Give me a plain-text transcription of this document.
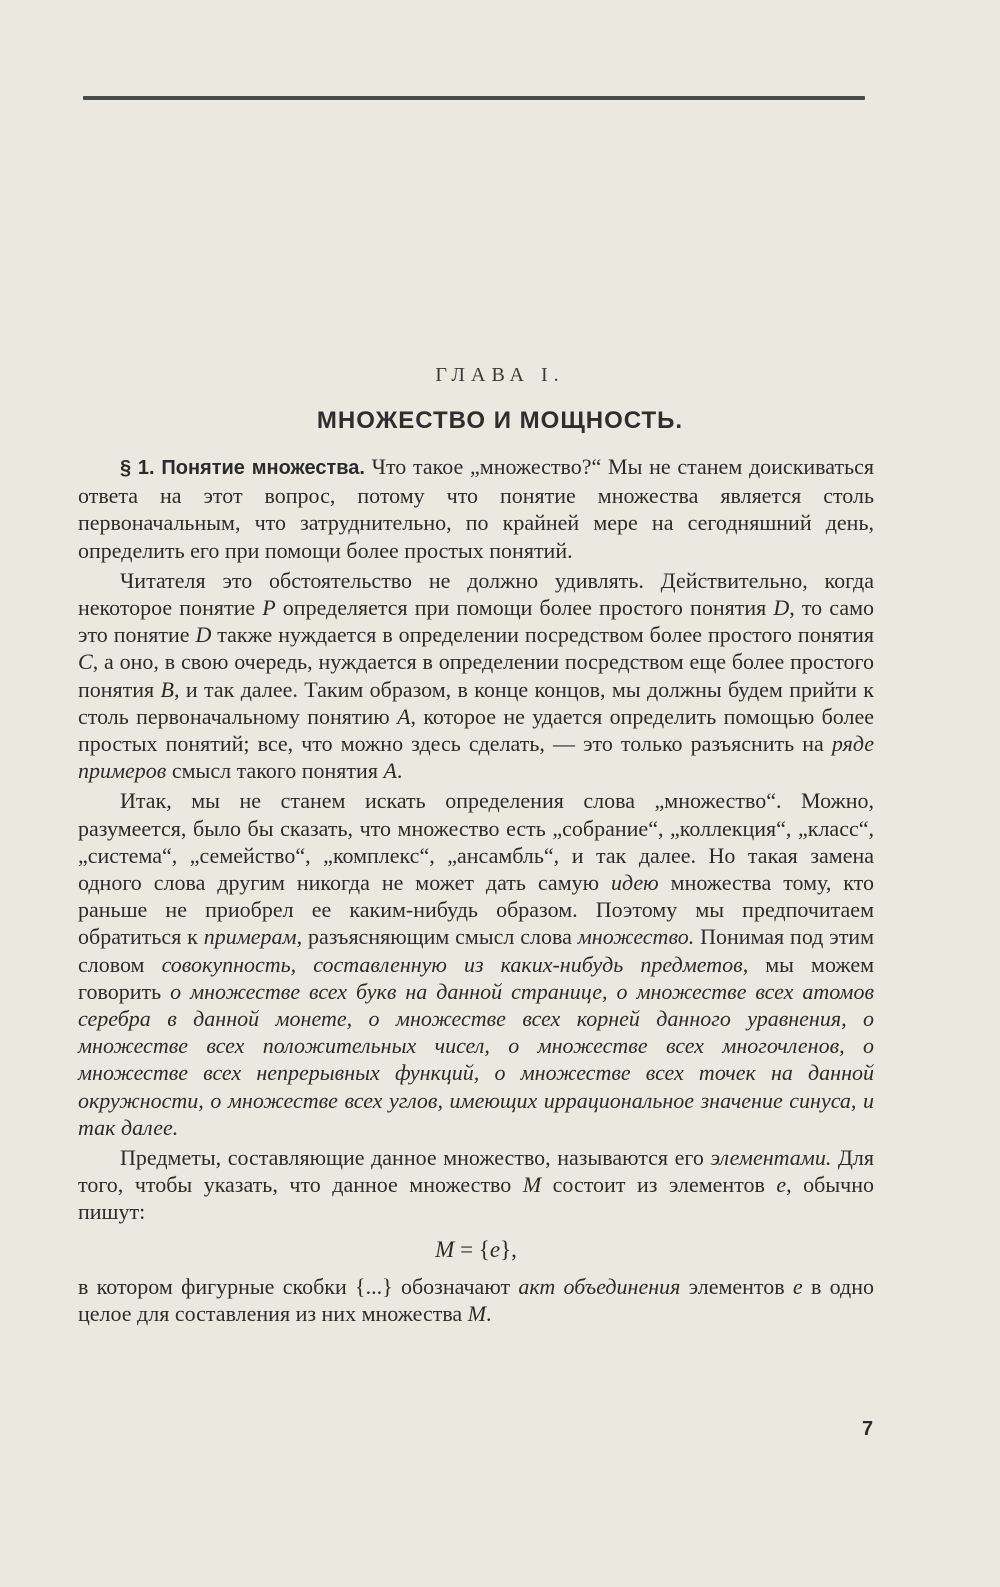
ГЛАВА I.
МНОЖЕСТВО И МОЩНОСТЬ.

§ 1. Понятие множества. Что такое „множество?“ Мы не станем доискиваться ответа на этот вопрос, потому что понятие множества является столь первоначальным, что затруднительно, по крайней мере на сегодняшний день, определить его при помощи более простых понятий.

Читателя это обстоятельство не должно удивлять. Действительно, когда некоторое понятие P определяется при помощи более простого понятия D, то само это понятие D также нуждается в определении посредством более простого понятия C, а оно, в свою очередь, нуждается в определении посредством еще более простого понятия B, и так далее. Таким образом, в конце концов, мы должны будем прийти к столь первоначальному понятию A, которое не удается определить помощью более простых понятий; все, что можно здесь сделать, — это только разъяснить на ряде примеров смысл такого понятия A.

Итак, мы не станем искать определения слова „множество“. Можно, разумеется, было бы сказать, что множество есть „собрание“, „коллекция“, „класс“, „система“, „семейство“, „комплекс“, „ансамбль“, и так далее. Но такая замена одного слова другим никогда не может дать самую идею множества тому, кто раньше не приобрел ее каким-нибудь образом. Поэтому мы предпочитаем обратиться к примерам, разъясняющим смысл слова множество. Понимая под этим словом совокупность, составленную из каких-нибудь предметов, мы можем говорить о множестве всех букв на данной странице, о множестве всех атомов серебра в данной монете, о множестве всех корней данного уравнения, о множестве всех положительных чисел, о множестве всех многочленов, о множестве всех непрерывных функций, о множестве всех точек на данной окружности, о множестве всех углов, имеющих иррациональное значение синуса, и так далее.

Предметы, составляющие данное множество, называются его элементами. Для того, чтобы указать, что данное множество M состоит из элементов e, обычно пишут:

M = {e},

в котором фигурные скобки {...} обозначают акт объединения элементов e в одно целое для составления из них множества M.

7
